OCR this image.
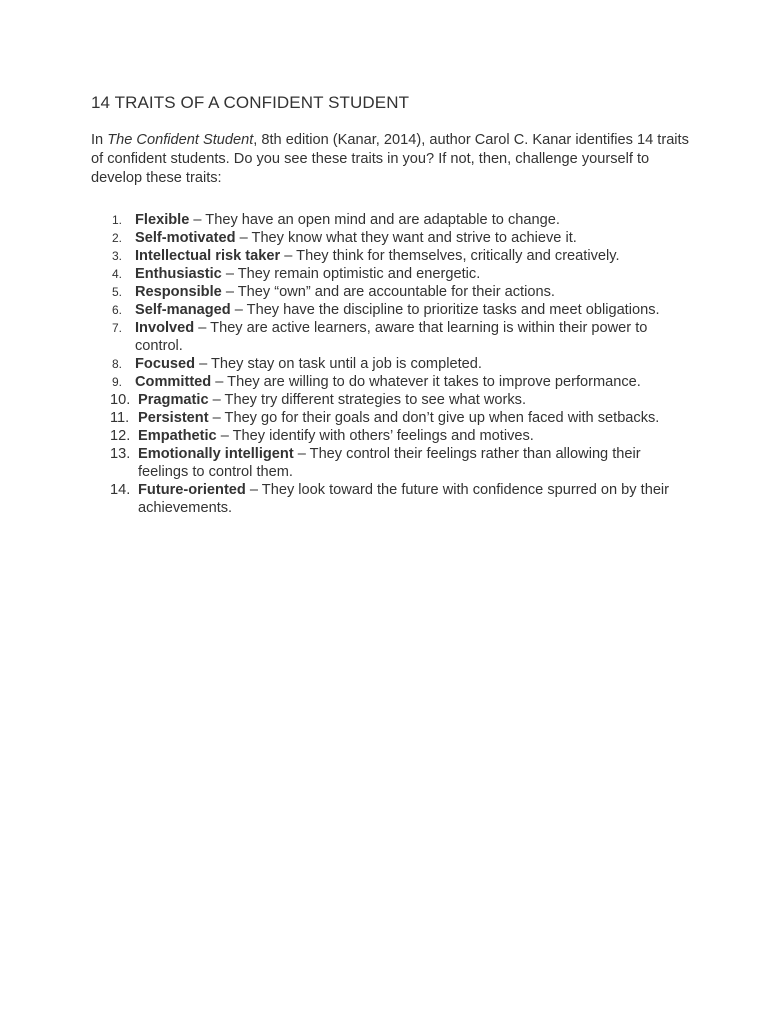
14 TRAITS OF A CONFIDENT STUDENT

In The Confident Student, 8th edition (Kanar, 2014), author Carol C. Kanar identifies 14 traits of confident students. Do you see these traits in you? If not, then, challenge yourself to develop these traits:

1. Flexible – They have an open mind and are adaptable to change.
2. Self-motivated – They know what they want and strive to achieve it.
3. Intellectual risk taker – They think for themselves, critically and creatively.
4. Enthusiastic – They remain optimistic and energetic.
5. Responsible – They “own” and are accountable for their actions.
6. Self-managed – They have the discipline to prioritize tasks and meet obligations.
7. Involved – They are active learners, aware that learning is within their power to control.
8. Focused – They stay on task until a job is completed.
9. Committed – They are willing to do whatever it takes to improve performance.
10. Pragmatic – They try different strategies to see what works.
11. Persistent – They go for their goals and don’t give up when faced with setbacks.
12. Empathetic – They identify with others’ feelings and motives.
13. Emotionally intelligent – They control their feelings rather than allowing their feelings to control them.
14. Future-oriented – They look toward the future with confidence spurred on by their achievements.
